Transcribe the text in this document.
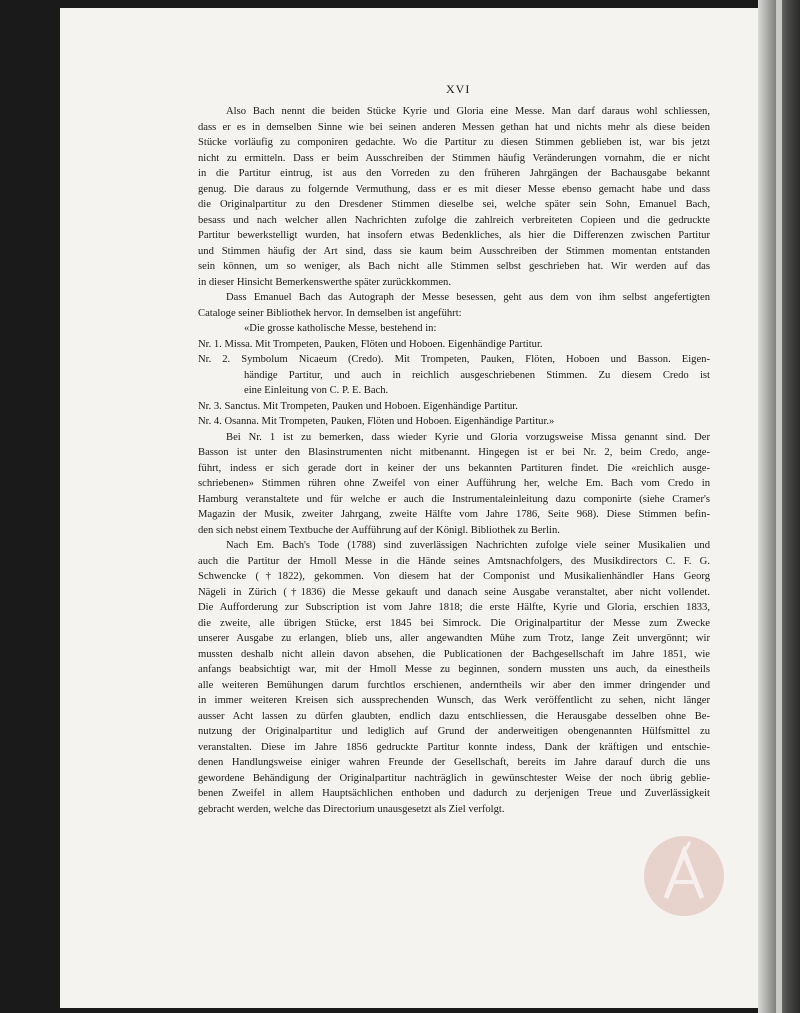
XVI
Also Bach nennt die beiden Stücke Kyrie und Gloria eine Messe. Man darf daraus wohl schliessen,
dass er es in demselben Sinne wie bei seinen anderen Messen gethan hat und nichts mehr als diese beiden
Stücke vorläufig zu componiren gedachte. Wo die Partitur zu diesen Stimmen geblieben ist, war bis jetzt
nicht zu ermitteln. Dass er beim Ausschreiben der Stimmen häufig Veränderungen vornahm, die er nicht
in die Partitur eintrug, ist aus den Vorreden zu den früheren Jahrgängen der Bachausgabe bekannt
genug. Die daraus zu folgernde Vermuthung, dass er es mit dieser Messe ebenso gemacht habe und dass
die Originalpartitur zu den Dresdener Stimmen dieselbe sei, welche später sein Sohn, Emanuel Bach,
besass und nach welcher allen Nachrichten zufolge die zahlreich verbreiteten Copieen und die gedruckte
Partitur bewerkstelligt wurden, hat insofern etwas Bedenkliches, als hier die Differenzen zwischen Partitur
und Stimmen häufig der Art sind, dass sie kaum beim Ausschreiben der Stimmen momentan entstanden
sein können, um so weniger, als Bach nicht alle Stimmen selbst geschrieben hat. Wir werden auf das
in dieser Hinsicht Bemerkenswerthe später zurückkommen.
Dass Emanuel Bach das Autograph der Messe besessen, geht aus dem von ihm selbst angefertigten
Cataloge seiner Bibliothek hervor. In demselben ist angeführt:
«Die grosse katholische Messe, bestehend in:
Nr. 1. Missa. Mit Trompeten, Pauken, Flöten und Hoboen. Eigenhändige Partitur.
Nr. 2. Symbolum Nicaeum (Credo). Mit Trompeten, Pauken, Flöten, Hoboen und Basson. Eigen-
händige Partitur, und auch in reichlich ausgeschriebenen Stimmen. Zu diesem Credo ist
eine Einleitung von C. P. E. Bach.
Nr. 3. Sanctus. Mit Trompeten, Pauken und Hoboen. Eigenhändige Partitur.
Nr. 4. Osanna. Mit Trompeten, Pauken, Flöten und Hoboen. Eigenhändige Partitur.»
Bei Nr. 1 ist zu bemerken, dass wieder Kyrie und Gloria vorzugsweise Missa genannt sind. Der
Basson ist unter den Blasinstrumenten nicht mitbenannt. Hingegen ist er bei Nr. 2, beim Credo, ange-
führt, indess er sich gerade dort in keiner der uns bekannten Partituren findet. Die «reichlich ausge-
schriebenen» Stimmen rühren ohne Zweifel von einer Aufführung her, welche Em. Bach vom Credo in
Hamburg veranstaltete und für welche er auch die Instrumentaleinleitung dazu componirte (siehe Cramer's
Magazin der Musik, zweiter Jahrgang, zweite Hälfte vom Jahre 1786, Seite 968). Diese Stimmen befin-
den sich nebst einem Textbuche der Aufführung auf der Königl. Bibliothek zu Berlin.
Nach Em. Bach's Tode (1788) sind zuverlässigen Nachrichten zufolge viele seiner Musikalien und
auch die Partitur der Hmoll Messe in die Hände seines Amtsnachfolgers, des Musikdirectors C. F. G.
Schwencke (†1822), gekommen. Von diesem hat der Componist und Musikalienhändler Hans Georg
Nägeli in Zürich (†1836) die Messe gekauft und danach seine Ausgabe veranstaltet, aber nicht vollendet.
Die Aufforderung zur Subscription ist vom Jahre 1818; die erste Hälfte, Kyrie und Gloria, erschien 1833,
die zweite, alle übrigen Stücke, erst 1845 bei Simrock. Die Originalpartitur der Messe zum Zwecke
unserer Ausgabe zu erlangen, blieb uns, aller angewandten Mühe zum Trotz, lange Zeit unvergönnt; wir
mussten deshalb nicht allein davon absehen, die Publicationen der Bachgesellschaft im Jahre 1851, wie
anfangs beabsichtigt war, mit der Hmoll Messe zu beginnen, sondern mussten uns auch, da einestheils
alle weiteren Bemühungen darum furchtlos erschienen, anderntheils wir aber den immer dringender und
in immer weiteren Kreisen sich aussprechenden Wunsch, das Werk veröffentlicht zu sehen, nicht länger
ausser Acht lassen zu dürfen glaubten, endlich dazu entschliessen, die Herausgabe desselben ohne Be-
nutzung der Originalpartitur und lediglich auf Grund der anderweitigen obengenannten Hülfsmittel zu
veranstalten. Diese im Jahre 1856 gedruckte Partitur konnte indess, Dank der kräftigen und entschie-
denen Handlungsweise einiger wahren Freunde der Gesellschaft, bereits im Jahre darauf durch die uns
gewordene Behändigung der Originalpartitur nachträglich in gewünschtester Weise der noch übrig geblie-
benen Zweifel in allem Hauptsächlichen enthoben und dadurch zu derjenigen Treue und Zuverlässigkeit
gebracht werden, welche das Directorium unausgesetzt als Ziel verfolgt.
